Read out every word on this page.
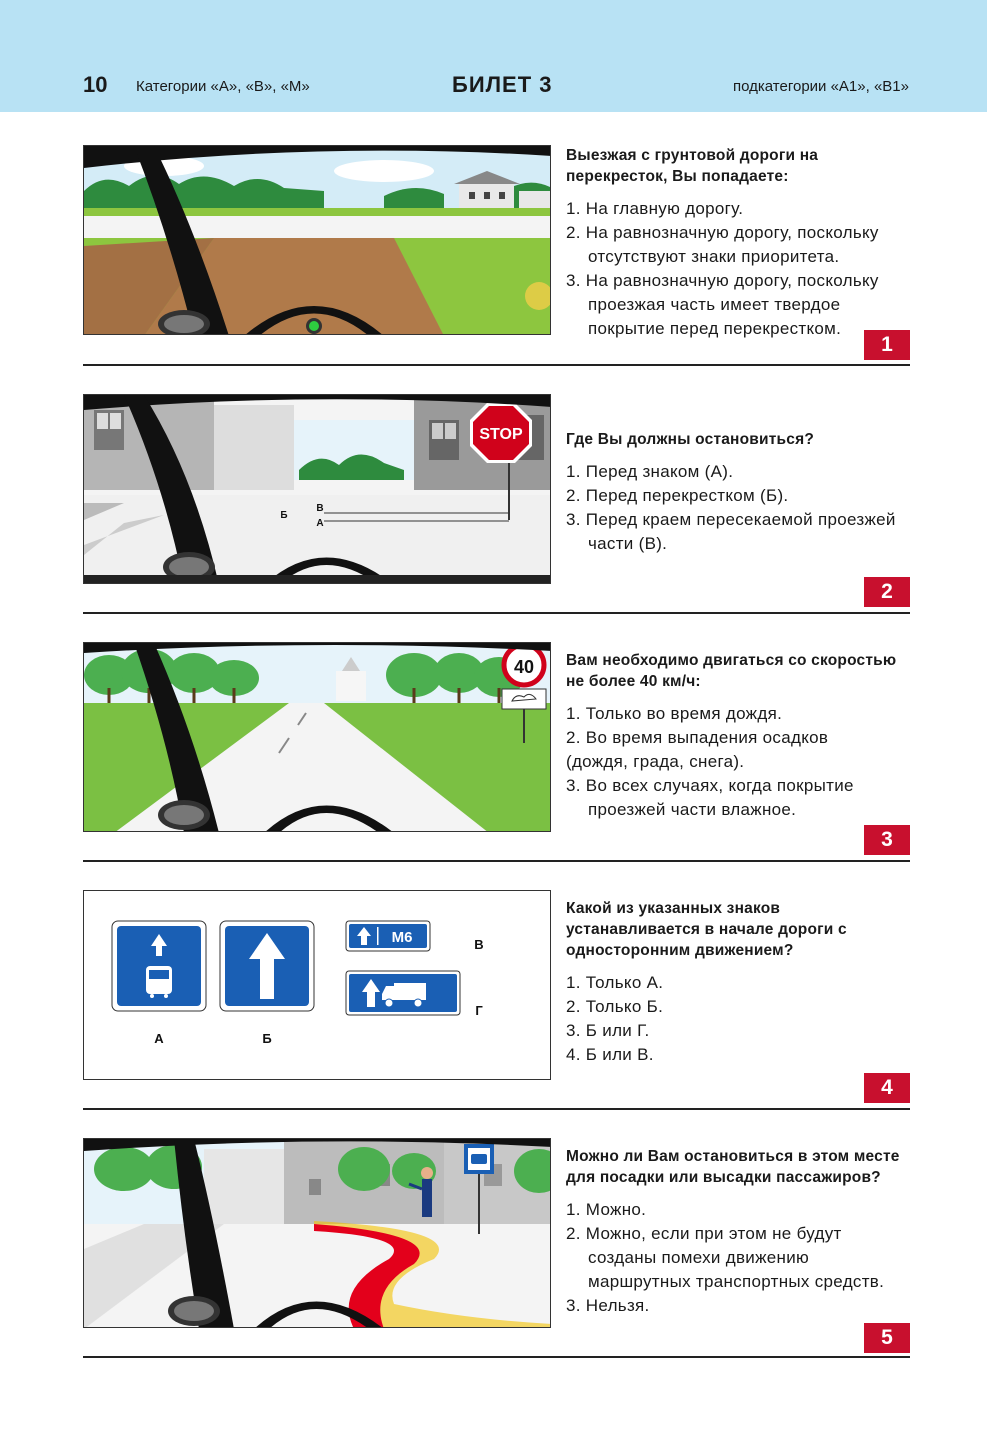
10 Категории «А», «В», «М»	БИЛЕТ 3	подкатегории «А1», «В1»
Выезжая с грунтовой дороги на перекресток, Вы попадаете:
1. На главную дорогу.
2. На равнозначную дорогу, поскольку отсутствуют знаки приоритета.
3. На равнозначную дорогу, поскольку проезжая часть имеет твердое покрытие перед перекрестком.
1
STOP
Б
В
А
Где Вы должны остановиться?
1. Перед знаком (А).
2. Перед перекрестком (Б).
3. Перед краем пересекаемой проезжей части (В).
2
40 Вам необходимо двигаться со скоростью не более 40 км/ч:
1. Только во время дождя.
2. Во время выпадения осадков
(дождя, града, снега).
3. Во всех случаях, когда покрытие проезжей части влажное.
3
А	Б
М6	В
Г
Какой из указанных знаков устанавливается в начале дороги с односторонним движением?
1. Только А.
2. Только Б.
3. Б или Г.
4. Б или В.
4
Можно ли Вам остановиться в этом месте для посадки или высадки пассажиров?
1. Можно.
2. Можно, если при этом не будут созданы помехи движению маршрутных транспортных средств.
3. Нельзя.
5
